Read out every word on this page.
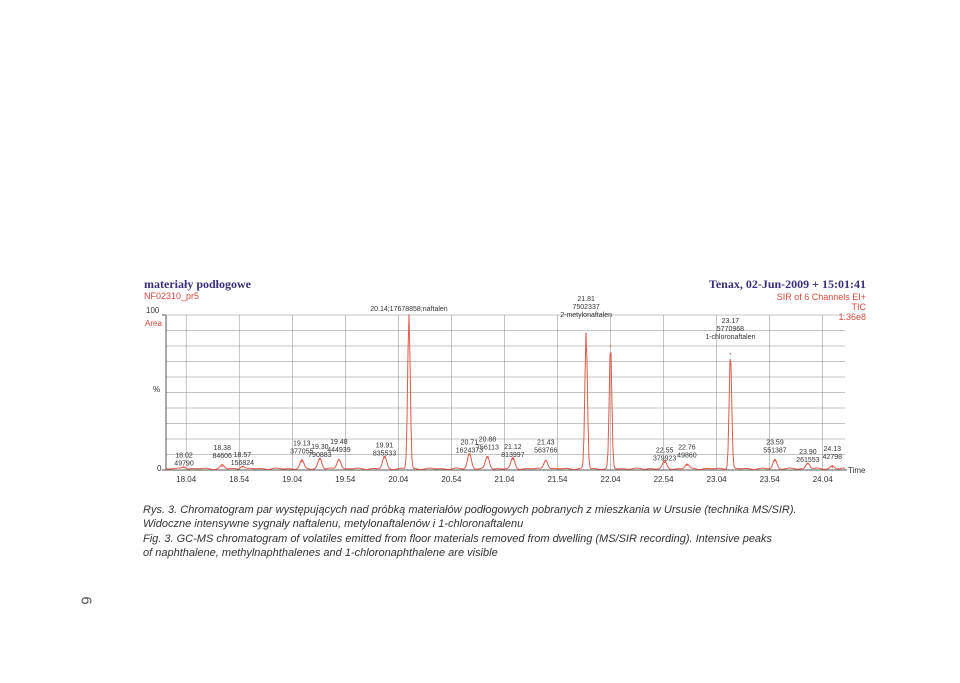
materiały podłogowe
NF02310_pr5
Tenax, 02-Jun-2009 + 15:01:41
SIR of 6 Channels EI+
TIC
1.36e8
100
Area
%
0	Time
18.04	18.54	19.04	19.54	20.04	20.54	21.04	21.54	22.04	22.54	23.04	23.54	24.04
18.02
49790
18.38
84606 18.57
156824
19.13
377055
19.30
790883
19.48
444939
19.91
835533
20.14;17678858;naftalen
20.71
1624373
20.88
756113 21.12
813997
21.43
563766
21.81
7502337
2-metylonaftalen
22.55
379923
22.76
49860
23.17
5770968
1-chloronaftalen
23.59
551387 23.90
261553
24.13
42798
Rys. 3. Chromatogram par występujących nad próbką materiałów podłogowych pobranych z mieszkania w Ursusie (technika MS/SIR).
Widoczne intensywne sygnały naftalenu, metylonaftalenów i 1-chloronaftalenu
Fig. 3. GC-MS chromatogram of volatiles emitted from floor materials removed from dwelling (MS/SIR recording). Intensive peaks
of naphthalene, methylnaphthalenes and 1-chloronaphthalene are visible
6
